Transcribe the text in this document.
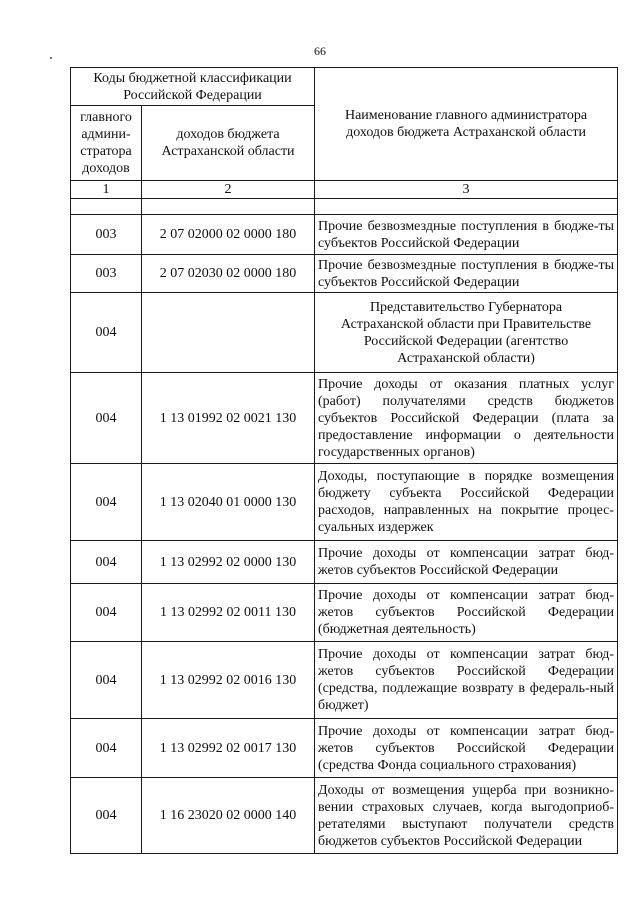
66
Коды бюджетной классификации Российской Федерации		Наименование главного администратора доходов бюджета Астраханской области
главного админи-стратора доходов	доходов бюджета Астраханской области	
1	2	3

003	2 07 02000 02 0000 180	Прочие безвозмездные поступления в бюдже-ты субъектов Российской Федерации
003	2 07 02030 02 0000 180	Прочие безвозмездные поступления в бюдже-ты субъектов Российской Федерации
004		Представительство Губернатора Астраханской области при Правительстве Российской Федерации (агентство Астраханской области)
004	1 13 01992 02 0021 130	Прочие доходы от оказания платных услуг (работ) получателями средств бюджетов субъектов Российской Федерации (плата за предоставление информации о деятельности государственных органов)
004	1 13 02040 01 0000 130	Доходы, поступающие в порядке возмещения бюджету субъекта Российской Федерации расходов, направленных на покрытие процес-суальных издержек
004	1 13 02992 02 0000 130	Прочие доходы от компенсации затрат бюд-жетов субъектов Российской Федерации
004	1 13 02992 02 0011 130	Прочие доходы от компенсации затрат бюд-жетов субъектов Российской Федерации (бюджетная деятельность)
004	1 13 02992 02 0016 130	Прочие доходы от компенсации затрат бюд-жетов субъектов Российской Федерации (средства, подлежащие возврату в федераль-ный бюджет)
004	1 13 02992 02 0017 130	Прочие доходы от компенсации затрат бюд-жетов субъектов Российской Федерации (средства Фонда социального страхования)
004	1 16 23020 02 0000 140	Доходы от возмещения ущерба при возникно-вении страховых случаев, когда выгодоприоб-ретателями выступают получатели средств бюджетов субъектов Российской Федерации
